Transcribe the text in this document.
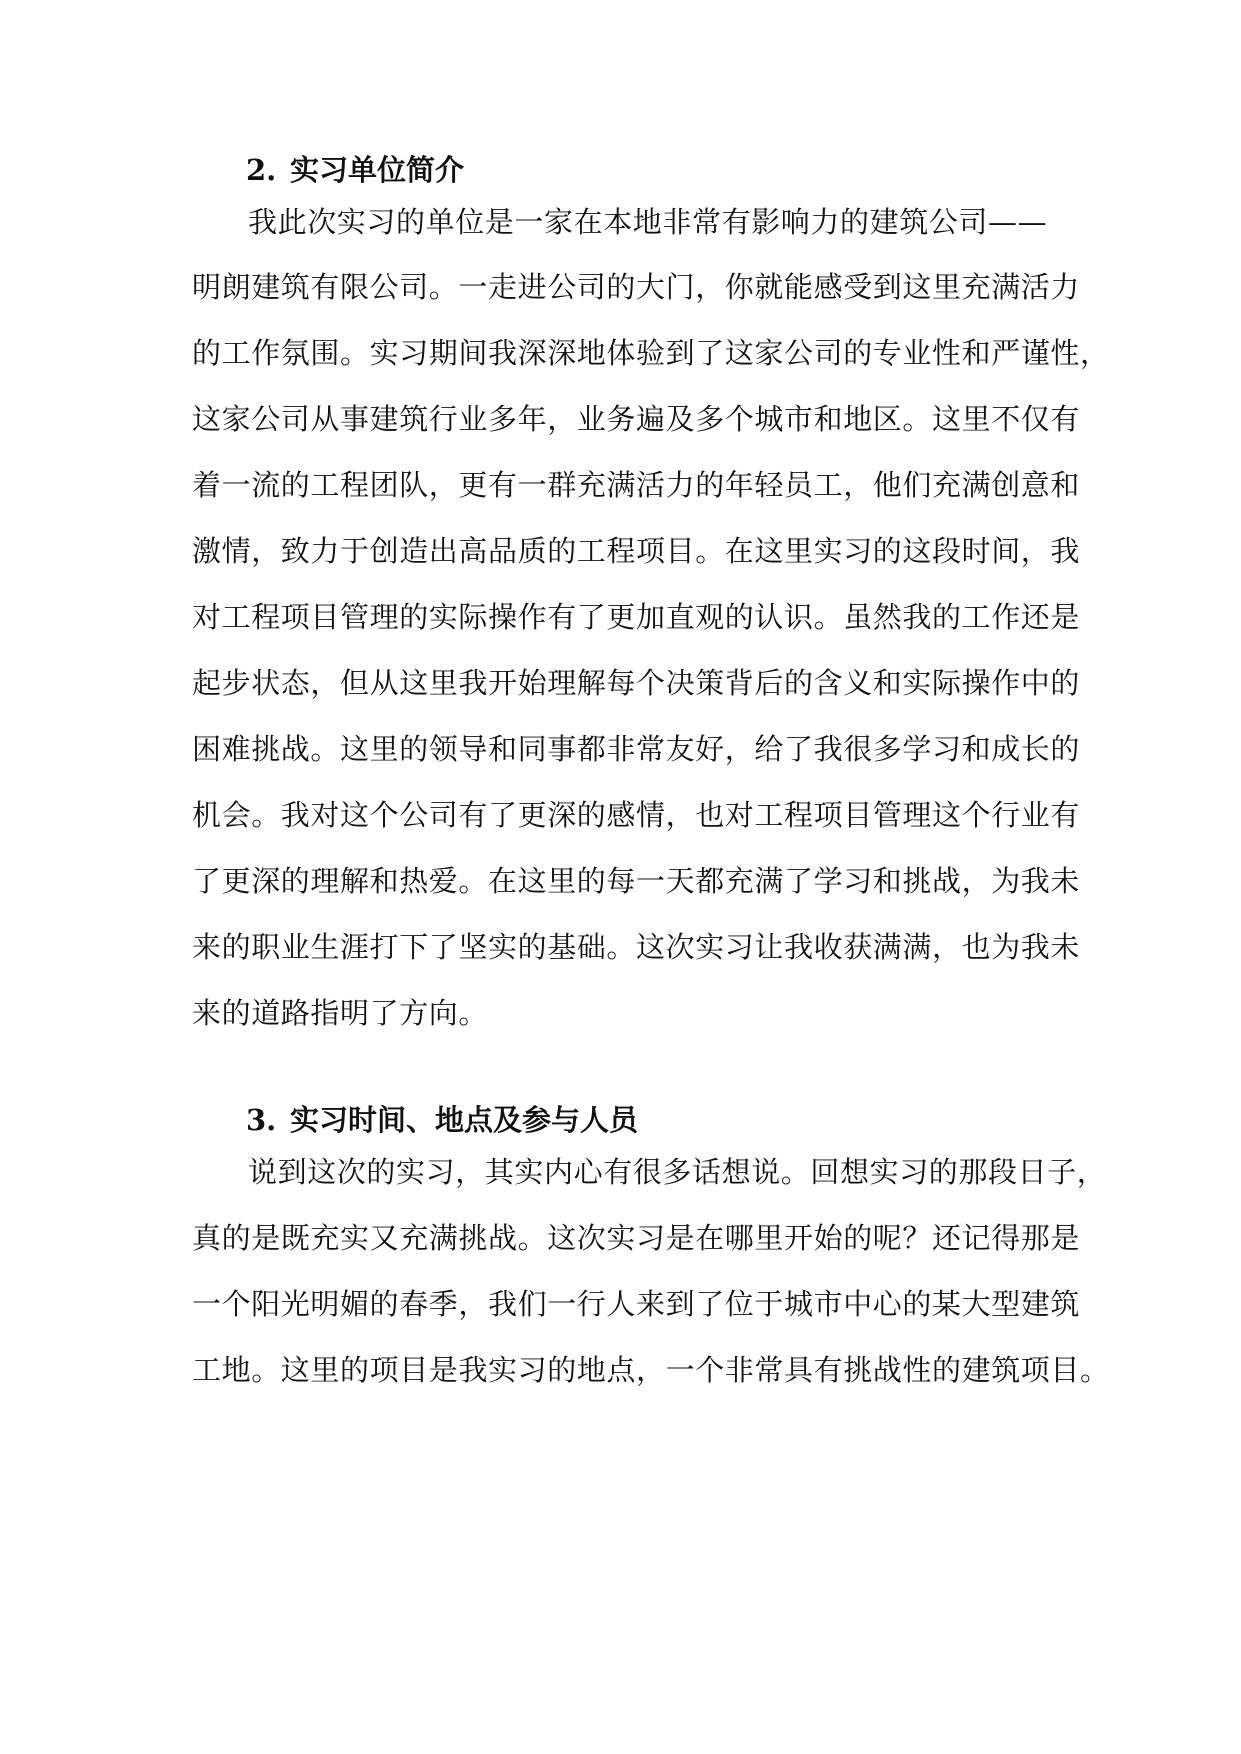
2. 实习单位简介
我此次实习的单位是一家在本地非常有影响力的建筑公司——
明朗建筑有限公司。一走进公司的大门，你就能感受到这里充满活力
的工作氛围。实习期间我深深地体验到了这家公司的专业性和严谨性，
这家公司从事建筑行业多年，业务遍及多个城市和地区。这里不仅有
着一流的工程团队，更有一群充满活力的年轻员工，他们充满创意和
激情，致力于创造出高品质的工程项目。在这里实习的这段时间，我
对工程项目管理的实际操作有了更加直观的认识。虽然我的工作还是
起步状态，但从这里我开始理解每个决策背后的含义和实际操作中的
困难挑战。这里的领导和同事都非常友好，给了我很多学习和成长的
机会。我对这个公司有了更深的感情，也对工程项目管理这个行业有
了更深的理解和热爱。在这里的每一天都充满了学习和挑战，为我未
来的职业生涯打下了坚实的基础。这次实习让我收获满满，也为我未
来的道路指明了方向。
3. 实习时间、地点及参与人员
说到这次的实习，其实内心有很多话想说。回想实习的那段日子，
真的是既充实又充满挑战。这次实习是在哪里开始的呢？还记得那是
一个阳光明媚的春季，我们一行人来到了位于城市中心的某大型建筑
工地。这里的项目是我实习的地点，一个非常具有挑战性的建筑项目。
